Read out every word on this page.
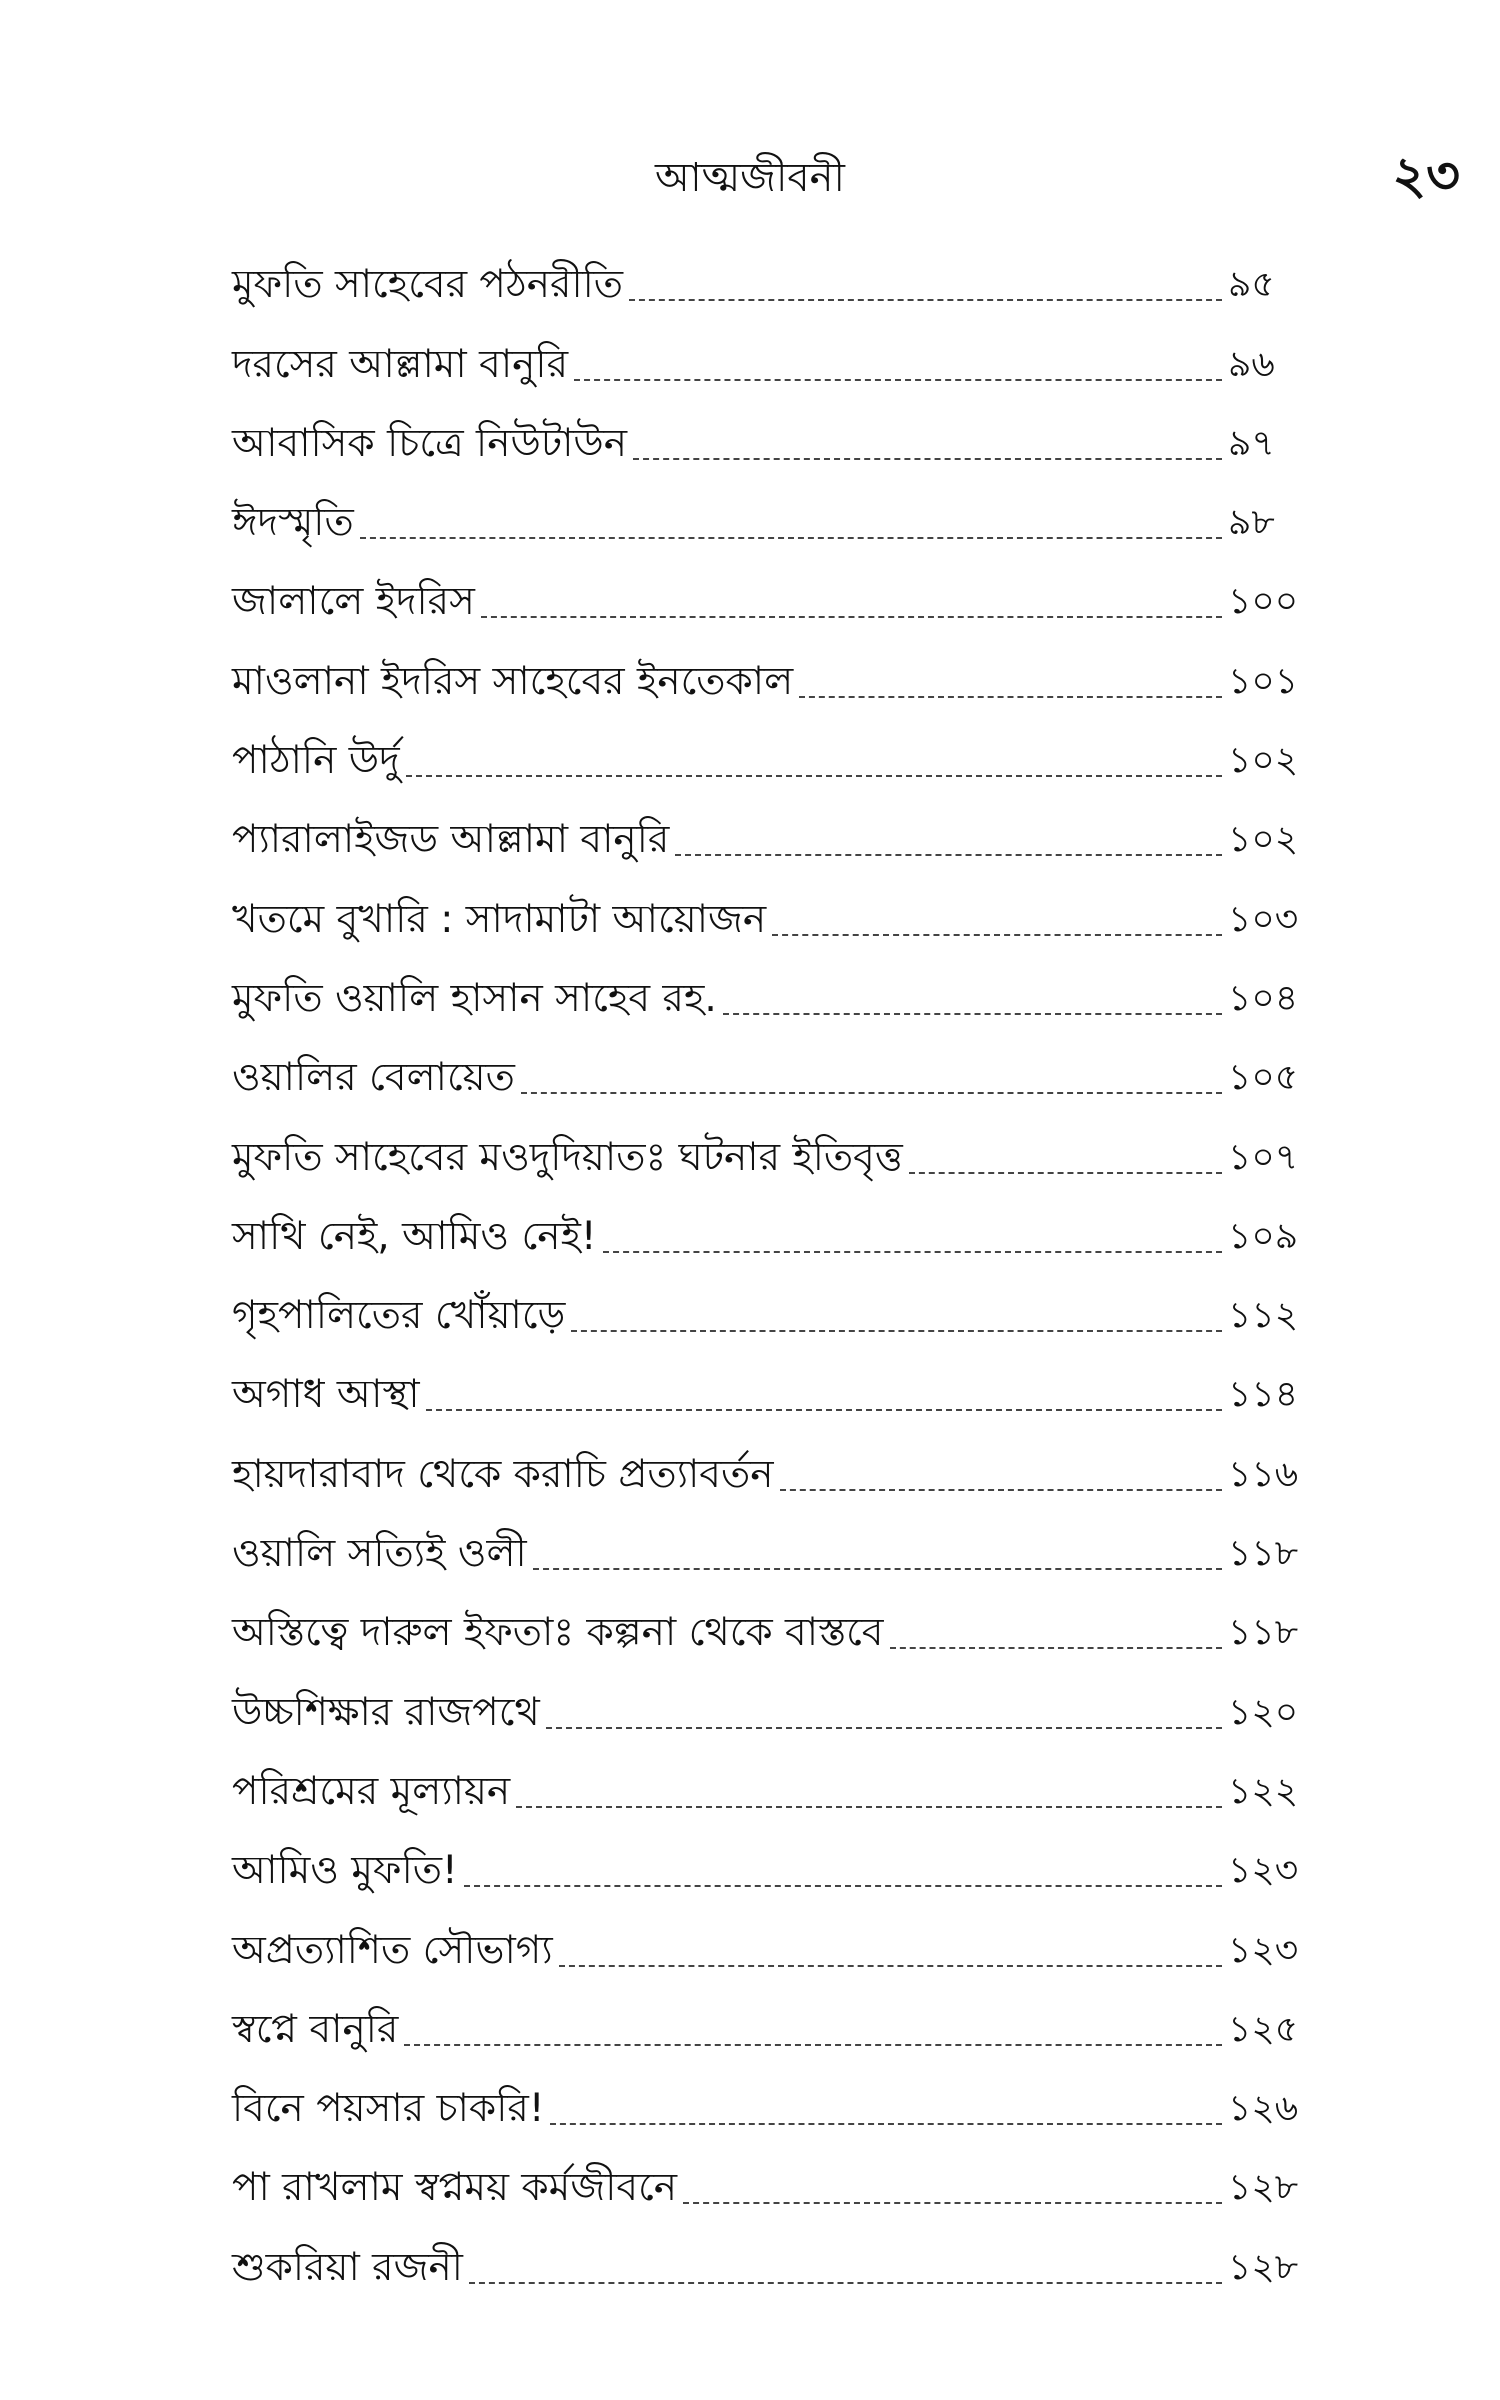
আত্মজীবনী	২৩
মুফতি সাহেবের পঠনরীতি	৯৫
দরসের আল্লামা বানুরি	৯৬
আবাসিক চিত্রে নিউটাউন	৯৭
ঈদস্মৃতি	৯৮
জালালে ইদরিস	১০০
মাওলানা ইদরিস সাহেবের ইনতেকাল	১০১
পাঠানি উর্দু	১০২
প্যারালাইজড আল্লামা বানুরি	১০২
খতমে বুখারি : সাদামাটা আয়োজন	১০৩
মুফতি ওয়ালি হাসান সাহেব রহ.	১০৪
ওয়ালির বেলায়েত	১০৫
মুফতি সাহেবের মওদুদিয়াতঃ ঘটনার ইতিবৃত্ত	১০৭
সাথি নেই, আমিও নেই!	১০৯
গৃহপালিতের খোঁয়াড়ে	১১২
অগাধ আস্থা	১১৪
হায়দারাবাদ থেকে করাচি প্রত্যাবর্তন	১১৬
ওয়ালি সত্যিই ওলী	১১৮
অস্তিত্বে দারুল ইফতাঃ কল্পনা থেকে বাস্তবে	১১৮
উচ্চশিক্ষার রাজপথে	১২০
পরিশ্রমের মূল্যায়ন	১২২
আমিও মুফতি!	১২৩
অপ্রত্যাশিত সৌভাগ্য	১২৩
স্বপ্নে বানুরি	১২৫
বিনে পয়সার চাকরি!	১২৬
পা রাখলাম স্বপ্নময় কর্মজীবনে	১২৮
শুকরিয়া রজনী	১২৮
